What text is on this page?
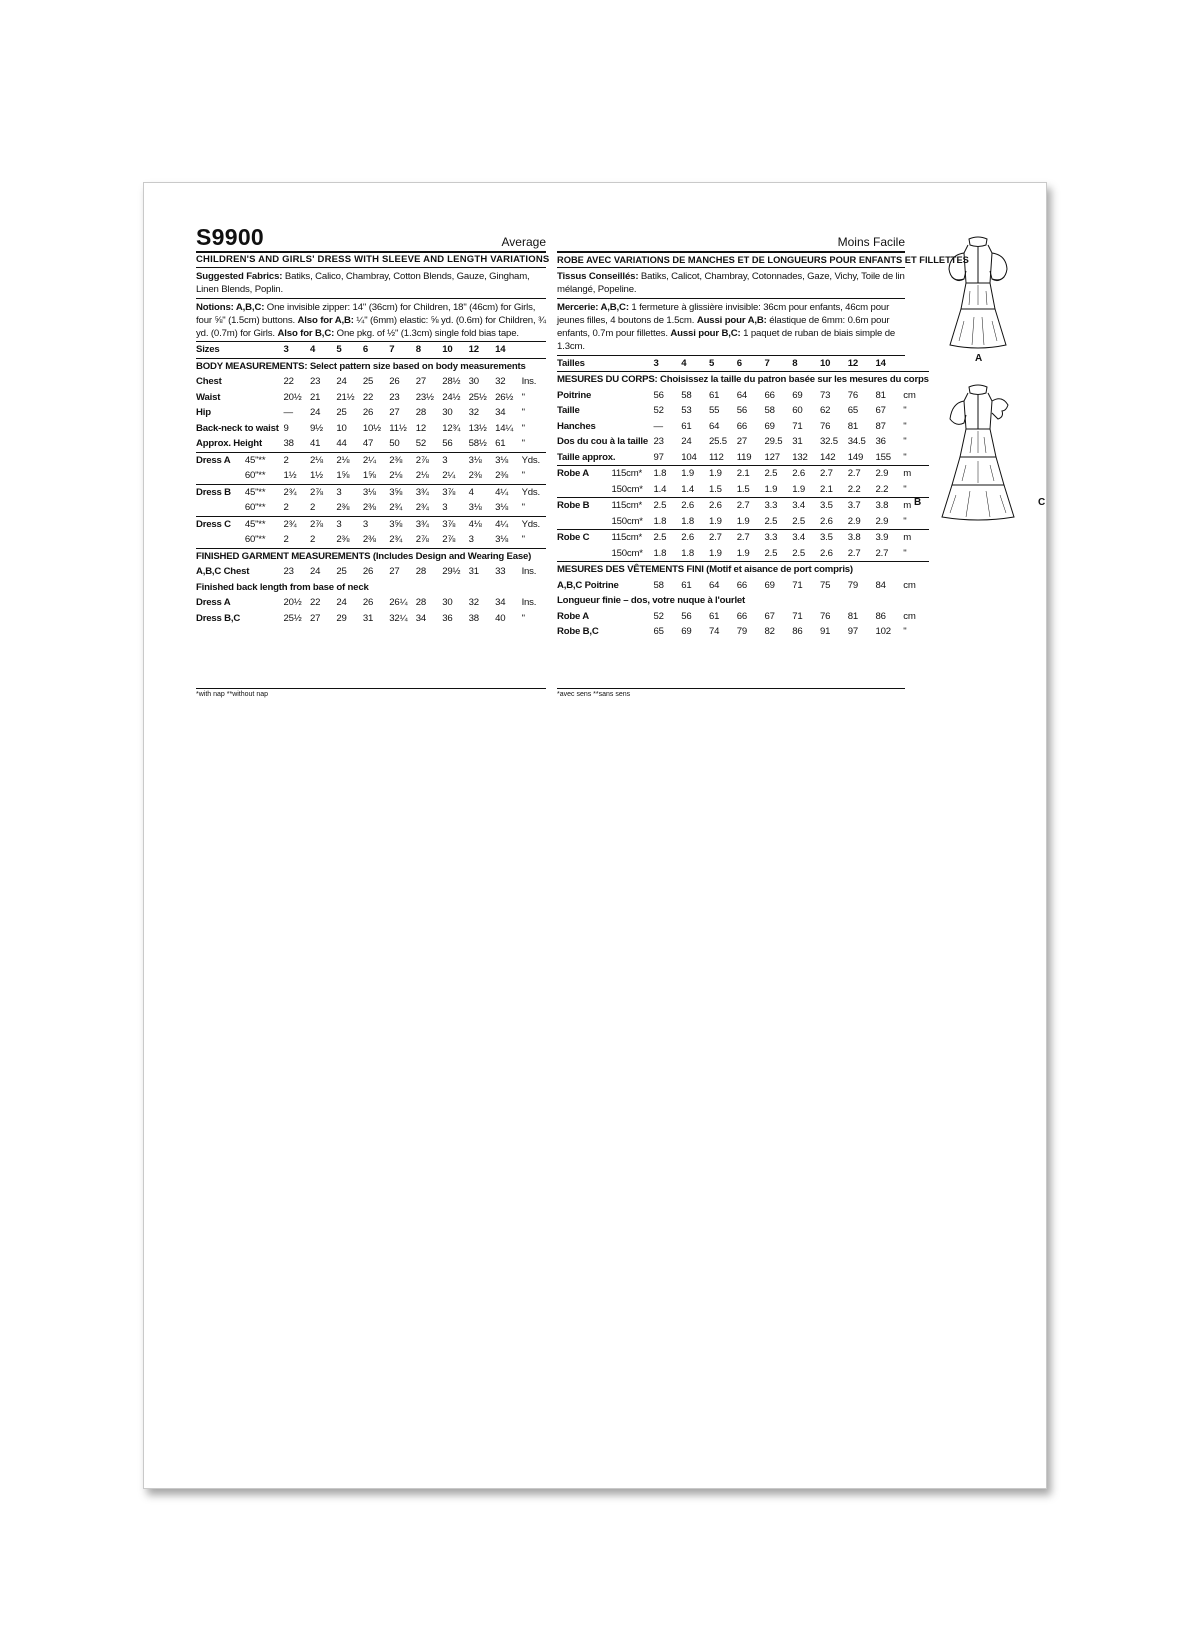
S9900	Average
CHILDREN'S AND GIRLS' DRESS WITH SLEEVE AND LENGTH VARIATIONS
Suggested Fabrics: Batiks, Calico, Chambray, Cotton Blends, Gauze, Gingham, Linen Blends, Poplin.
Notions: A,B,C: One invisible zipper: 14" (36cm) for Children, 18" (46cm) for Girls, four ⅝" (1.5cm) buttons. Also for A,B: ¼" (6mm) elastic: ⅝ yd. (0.6m) for Children, ¾ yd. (0.7m) for Girls. Also for B,C: One pkg. of ½" (1.3cm) single fold bias tape.
Sizes		3	4	5	6	7	8	10	12	14	
BODY MEASUREMENTS: Select pattern size based on body measurements											
Chest		22	23	24	25	26	27	28½	30	32	Ins.
Waist		20½	21	21½	22	23	23½	24½	25½	26½	"
Hip		—	24	25	26	27	28	30	32	34	"
Back-neck to waist		9	9½	10	10½	11½	12	12¾	13½	14¼	"
Approx. Height		38	41	44	47	50	52	56	58½	61	"
Dress A	45"**	2	2⅛	2⅛	2¼	2⅜	2⅞	3	3⅛	3⅛	Yds.
	60"**	1½	1½	1⅝	1⅝	2⅛	2⅛	2¼	2⅜	2⅜	"
Dress B	45"**	2¾	2⅞	3	3⅛	3⅝	3¾	3⅞	4	4¼	Yds.
	60"**	2	2	2⅜	2⅜	2¾	2¾	3	3⅛	3⅛	"
Dress C	45"**	2¾	2⅞	3	3	3⅝	3¾	3⅞	4⅛	4¼	Yds.
	60"**	2	2	2⅜	2⅜	2¾	2⅞	2⅞	3	3⅛	"
FINISHED GARMENT MEASUREMENTS (Includes Design and Wearing Ease)											
A,B,C Chest		23	24	25	26	27	28	29½	31	33	Ins.
Finished back length from base of neck											
Dress A		20½	22	24	26	26¼	28	30	32	34	Ins.
Dress B,C		25½	27	29	31	32¼	34	36	38	40	"
Moins Facile
ROBE AVEC VARIATIONS DE MANCHES ET DE LONGUEURS POUR ENFANTS ET FILLETTES
Tissus Conseillés: Batiks, Calicot, Chambray, Cotonnades, Gaze, Vichy, Toile de lin mélangé, Popeline.
Mercerie: A,B,C: 1 fermeture à glissière invisible: 36cm pour enfants, 46cm pour jeunes filles, 4 boutons de 1.5cm. Aussi pour A,B: élastique de 6mm: 0.6m pour enfants, 0.7m pour fillettes. Aussi pour B,C: 1 paquet de ruban de biais simple de 1.3cm.
Tailles		3	4	5	6	7	8	10	12	14	
MESURES DU CORPS: Choisissez la taille du patron basée sur les mesures du corps											
Poitrine		56	58	61	64	66	69	73	76	81	cm
Taille		52	53	55	56	58	60	62	65	67	"
Hanches		—	61	64	66	69	71	76	81	87	"
Dos du cou à la taille		23	24	25.5	27	29.5	31	32.5	34.5	36	"
Taille approx.		97	104	112	119	127	132	142	149	155	"
Robe A	115cm*	1.8	1.9	1.9	2.1	2.5	2.6	2.7	2.7	2.9	m
	150cm*	1.4	1.4	1.5	1.5	1.9	1.9	2.1	2.2	2.2	"
Robe B	115cm*	2.5	2.6	2.6	2.7	3.3	3.4	3.5	3.7	3.8	m
	150cm*	1.8	1.8	1.9	1.9	2.5	2.5	2.6	2.9	2.9	"
Robe C	115cm*	2.5	2.6	2.7	2.7	3.3	3.4	3.5	3.8	3.9	m
	150cm*	1.8	1.8	1.9	1.9	2.5	2.5	2.6	2.7	2.7	"
MESURES DES VÊTEMENTS FINI (Motif et aisance de port compris)											
A,B,C Poitrine		58	61	64	66	69	71	75	79	84	cm
Longueur finie – dos, votre nuque à l'ourlet											
Robe A		52	56	61	66	67	71	76	81	86	cm
Robe B,C		65	69	74	79	82	86	91	97	102	"
*with nap **without nap	*avec sens **sans sens
A
B	C
